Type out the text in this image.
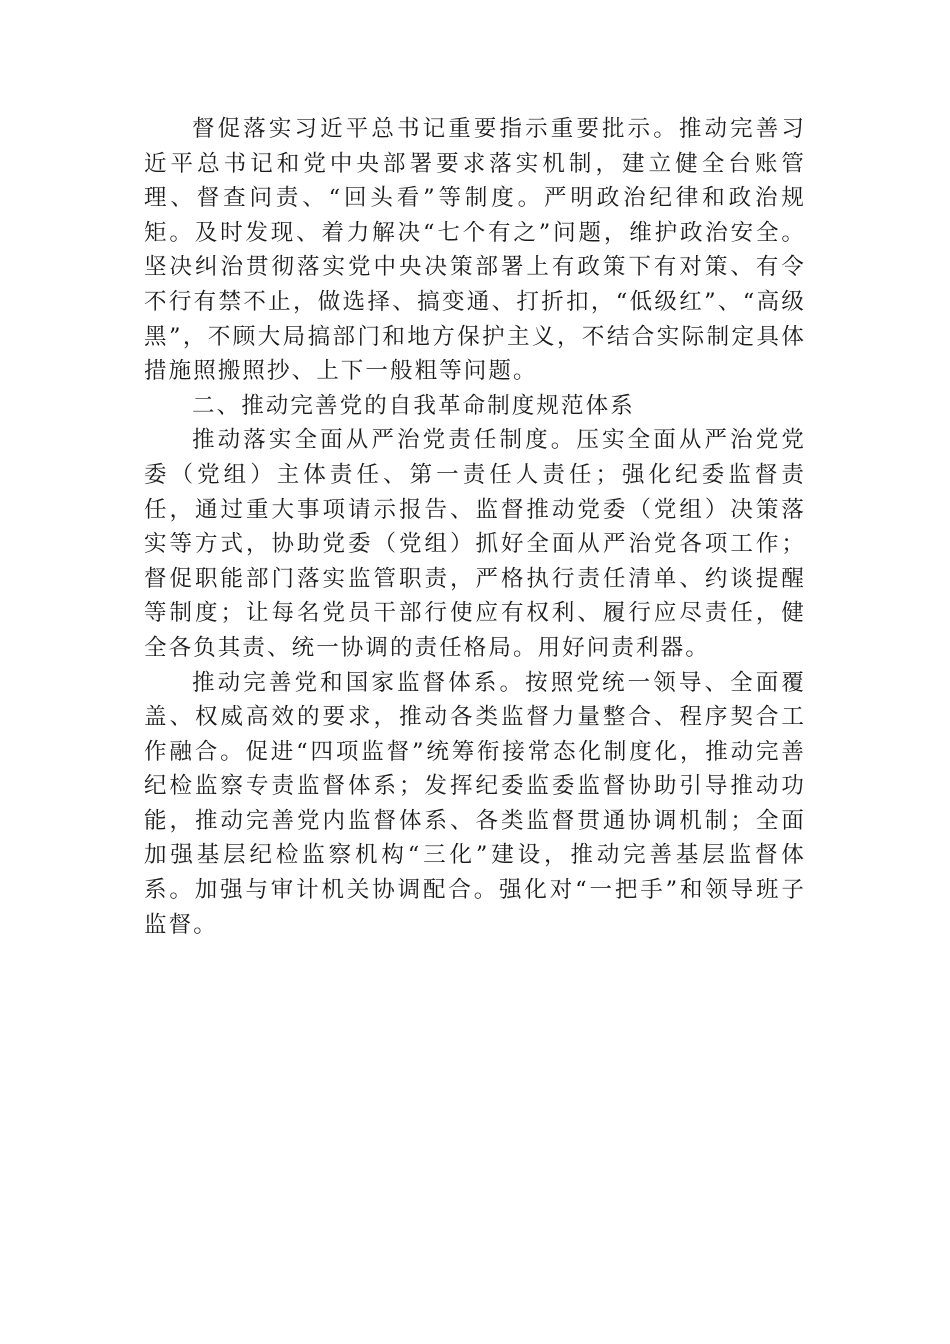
督促落实习近平总书记重要指示重要批示。推动完善习近平总书记和党中央部署要求落实机制，建立健全台账管理、督查问责、“回头看”等制度。严明政治纪律和政治规矩。及时发现、着力解决“七个有之”问题，维护政治安全。坚决纠治贯彻落实党中央决策部署上有政策下有对策、有令不行有禁不止，做选择、搞变通、打折扣，“低级红”、“高级黑”，不顾大局搞部门和地方保护主义，不结合实际制定具体措施照搬照抄、上下一般粗等问题。

二、推动完善党的自我革命制度规范体系

推动落实全面从严治党责任制度。压实全面从严治党党委（党组）主体责任、第一责任人责任；强化纪委监督责任，通过重大事项请示报告、监督推动党委（党组）决策落实等方式，协助党委（党组）抓好全面从严治党各项工作；督促职能部门落实监管职责，严格执行责任清单、约谈提醒等制度；让每名党员干部行使应有权利、履行应尽责任，健全各负其责、统一协调的责任格局。用好问责利器。

推动完善党和国家监督体系。按照党统一领导、全面覆盖、权威高效的要求，推动各类监督力量整合、程序契合工作融合。促进“四项监督”统筹衔接常态化制度化，推动完善纪检监察专责监督体系；发挥纪委监委监督协助引导推动功能，推动完善党内监督体系、各类监督贯通协调机制；全面加强基层纪检监察机构“三化”建设，推动完善基层监督体系。加强与审计机关协调配合。强化对“一把手”和领导班子监督。
